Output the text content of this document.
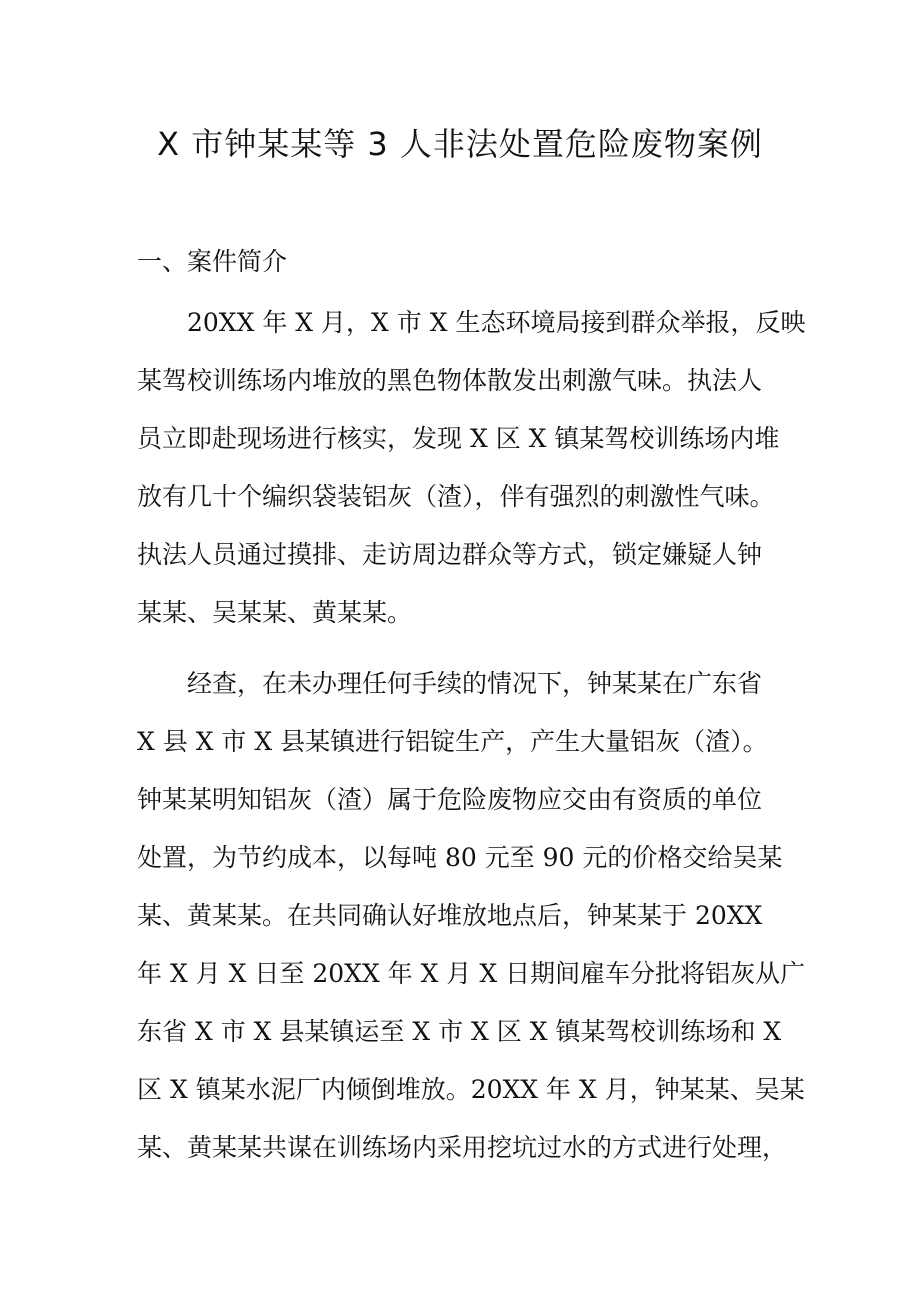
X 市钟某某等 3 人非法处置危险废物案例
一、案件简介
20XX 年 X 月，X 市 X 生态环境局接到群众举报，反映
某驾校训练场内堆放的黑色物体散发出刺激气味。执法人
员立即赴现场进行核实，发现 X 区 X 镇某驾校训练场内堆
放有几十个编织袋装铝灰（渣），伴有强烈的刺激性气味。
执法人员通过摸排、走访周边群众等方式，锁定嫌疑人钟
某某、吴某某、黄某某。
经查，在未办理任何手续的情况下，钟某某在广东省
X 县 X 市 X 县某镇进行铝锭生产，产生大量铝灰（渣）。
钟某某明知铝灰（渣）属于危险废物应交由有资质的单位
处置，为节约成本，以每吨 80 元至 90 元的价格交给吴某
某、黄某某。在共同确认好堆放地点后，钟某某于 20XX
年 X 月 X 日至 20XX 年 X 月 X 日期间雇车分批将铝灰从广
东省 X 市 X 县某镇运至 X 市 X 区 X 镇某驾校训练场和 X
区 X 镇某水泥厂内倾倒堆放。20XX 年 X 月，钟某某、吴某
某、黄某某共谋在训练场内采用挖坑过水的方式进行处理，
